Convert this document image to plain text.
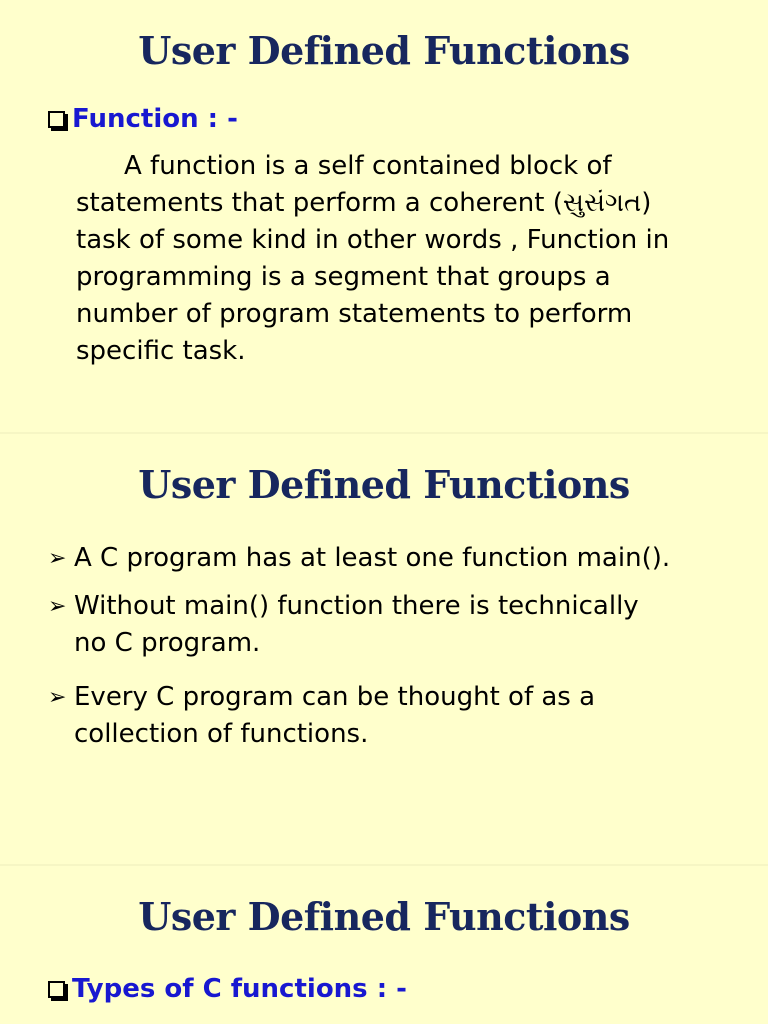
User Defined Functions
Function : -
A function is a self contained block of
statements that perform a coherent (સુસંગત)
task of some kind in other words , Function in
programming is a segment that groups a
number of program statements to perform
specific task.
User Defined Functions
➢ A C program has at least one function main().
➢ Without main() function there is technically
no C program.
➢ Every C program can be thought of as a
collection of functions.
User Defined Functions
Types of C functions : -
